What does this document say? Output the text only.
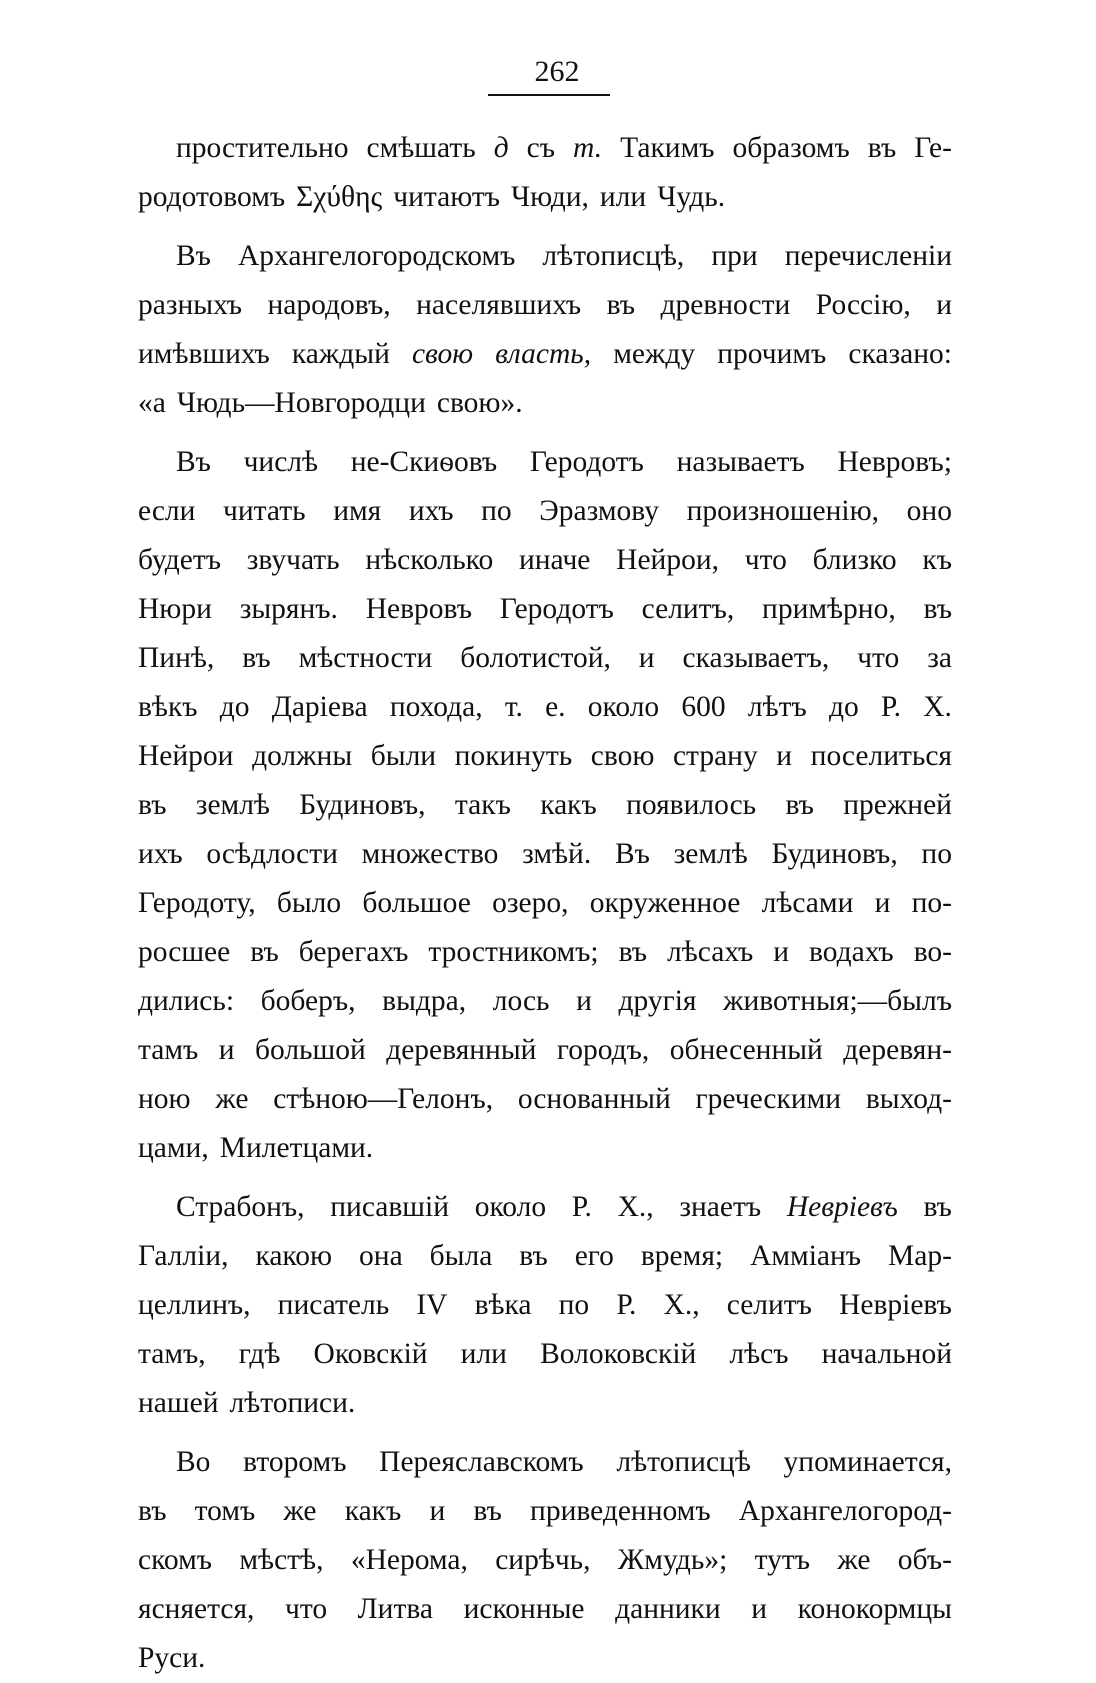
262
простительно смѣшать д съ т. Такимъ образомъ въ Ге-
родотовомъ Σχύθης читаютъ Чюди, или Чудь.
Въ Архангелогородскомъ лѣтописцѣ, при перечисленіи
разныхъ народовъ, населявшихъ въ древности Россію, и
имѣвшихъ каждый свою власть, между прочимъ сказано:
«а Чюдь—Новгородци свою».
Въ числѣ не-Скиѳовъ Геродотъ называетъ Невровъ;
если читать имя ихъ по Эразмову произношенію, оно
будетъ звучать нѣсколько иначе Нейрои, что близко къ
Нюри зырянъ. Невровъ Геродотъ селитъ, примѣрно, въ
Пинѣ, въ мѣстности болотистой, и сказываетъ, что за
вѣкъ до Даріева похода, т. е. около 600 лѣтъ до Р. Х.
Нейрои должны были покинуть свою страну и поселиться
въ землѣ Будиновъ, такъ какъ появилось въ прежней
ихъ осѣдлости множество змѣй. Въ землѣ Будиновъ, по
Геродоту, было большое озеро, окруженное лѣсами и по-
росшее въ берегахъ тростникомъ; въ лѣсахъ и водахъ во-
дились: боберъ, выдра, лось и другія животныя;—былъ
тамъ и большой деревянный городъ, обнесенный деревян-
ною же стѣною—Гелонъ, основанный греческими выход-
цами, Милетцами.
Страбонъ, писавшій около Р. Х., знаетъ Невріевъ въ
Галліи, какою она была въ его время; Амміанъ Мар-
целлинъ, писатель IV вѣка по Р. Х., селитъ Невріевъ
тамъ, гдѣ Оковскій или Волоковскій лѣсъ начальной
нашей лѣтописи.
Во второмъ Переяславскомъ лѣтописцѣ упоминается,
въ томъ же какъ и въ приведенномъ Архангелогород-
скомъ мѣстѣ, «Нерома, сирѣчь, Жмудь»; тутъ же объ-
ясняется, что Литва исконные данники и конокормцы
Руси.
